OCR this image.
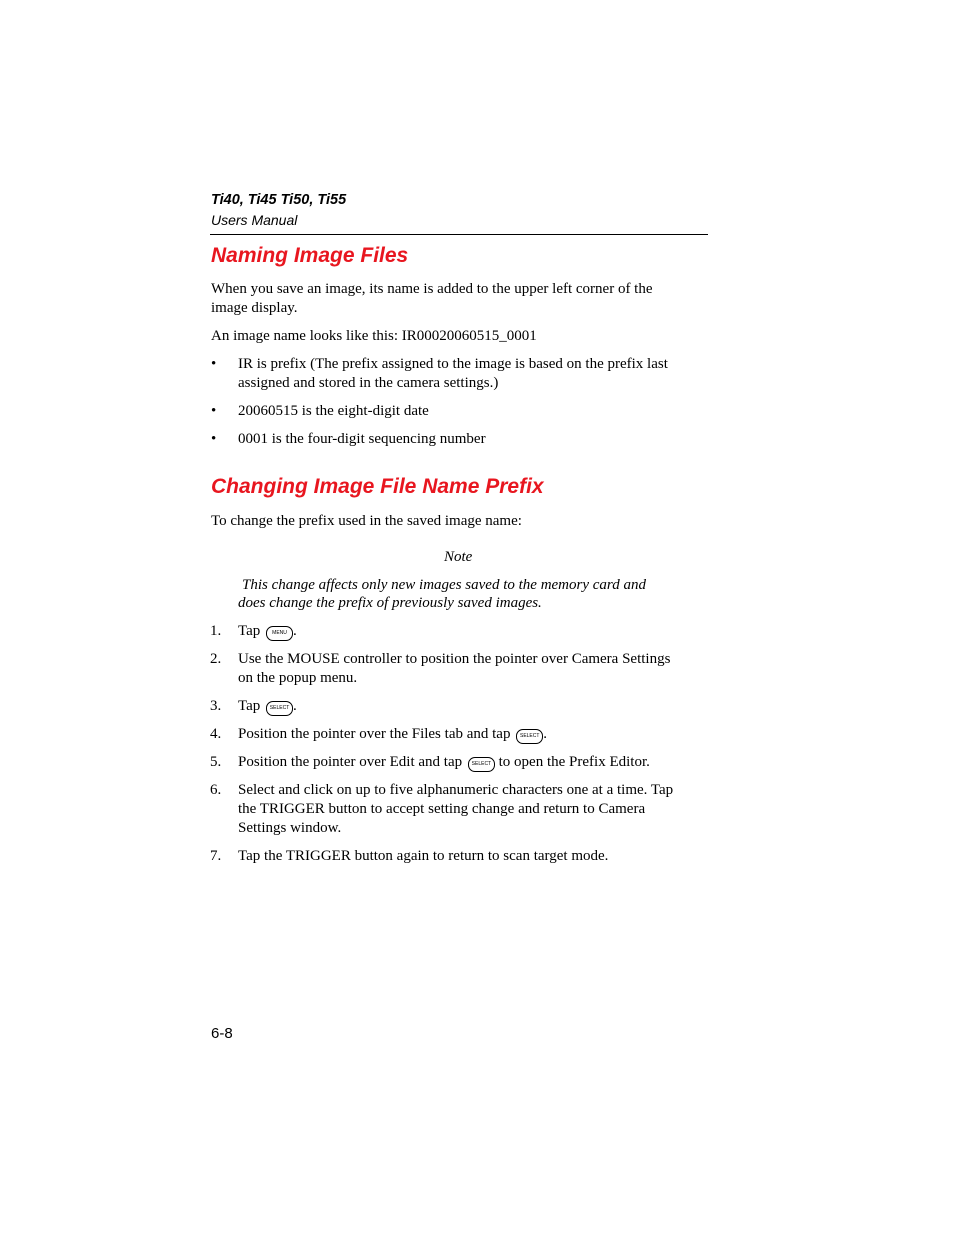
Ti40, Ti45 Ti50, Ti55
Users Manual
Naming Image Files
When you save an image, its name is added to the upper left corner of the
image display.
An image name looks like this: IR00020060515_0001
• IR is prefix (The prefix assigned to the image is based on the prefix last
assigned and stored in the camera settings.)
• 20060515 is the eight-digit date
• 0001 is the four-digit sequencing number
Changing Image File Name Prefix
To change the prefix used in the saved image name:
Note
This change affects only new images saved to the memory card and
does change the prefix of previously saved images.
1. Tap MENU .
2. Use the MOUSE controller to position the pointer over Camera Settings
on the popup menu.
3. Tap SELECT .
4. Position the pointer over the Files tab and tap SELECT .
5. Position the pointer over Edit and tap SELECT to open the Prefix Editor.
6. Select and click on up to five alphanumeric characters one at a time. Tap
the TRIGGER button to accept setting change and return to Camera
Settings window.
7. Tap the TRIGGER button again to return to scan target mode.
6-8
